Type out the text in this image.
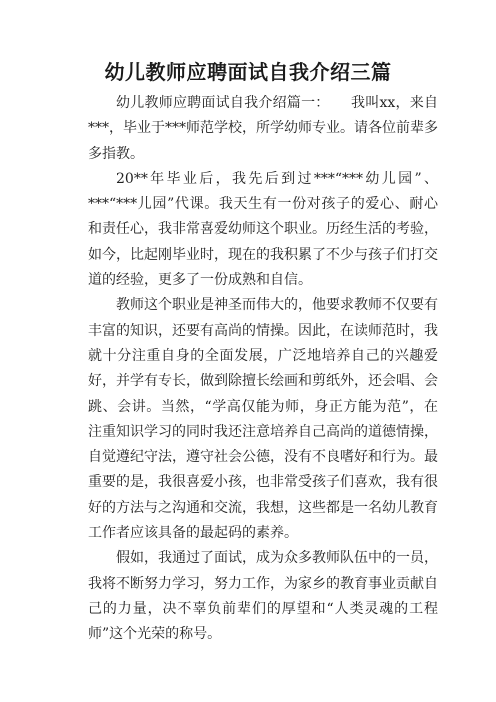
幼儿教师应聘面试自我介绍三篇

幼儿教师应聘面试自我介绍篇一：　　我叫xx，来自***，毕业于***师范学校，所学幼师专业。请各位前辈多多指教。

20**年毕业后，我先后到过***“***幼儿园”、***“***儿园”代课。我天生有一份对孩子的爱心、耐心和责任心，我非常喜爱幼师这个职业。历经生活的考验，如今，比起刚毕业时，现在的我积累了不少与孩子们打交道的经验，更多了一份成熟和自信。

教师这个职业是神圣而伟大的，他要求教师不仅要有丰富的知识，还要有高尚的情操。因此，在读师范时，我就十分注重自身的全面发展，广泛地培养自己的兴趣爱好，并学有专长，做到除擅长绘画和剪纸外，还会唱、会跳、会讲。当然，“学高仅能为师，身正方能为范”，在注重知识学习的同时我还注意培养自己高尚的道德情操，自觉遵纪守法，遵守社会公德，没有不良嗜好和行为。最重要的是，我很喜爱小孩，也非常受孩子们喜欢，我有很好的方法与之沟通和交流，我想，这些都是一名幼儿教育工作者应该具备的最起码的素养。

假如，我通过了面试，成为众多教师队伍中的一员，我将不断努力学习，努力工作，为家乡的教育事业贡献自己的力量，决不辜负前辈们的厚望和“人类灵魂的工程师”这个光荣的称号。
